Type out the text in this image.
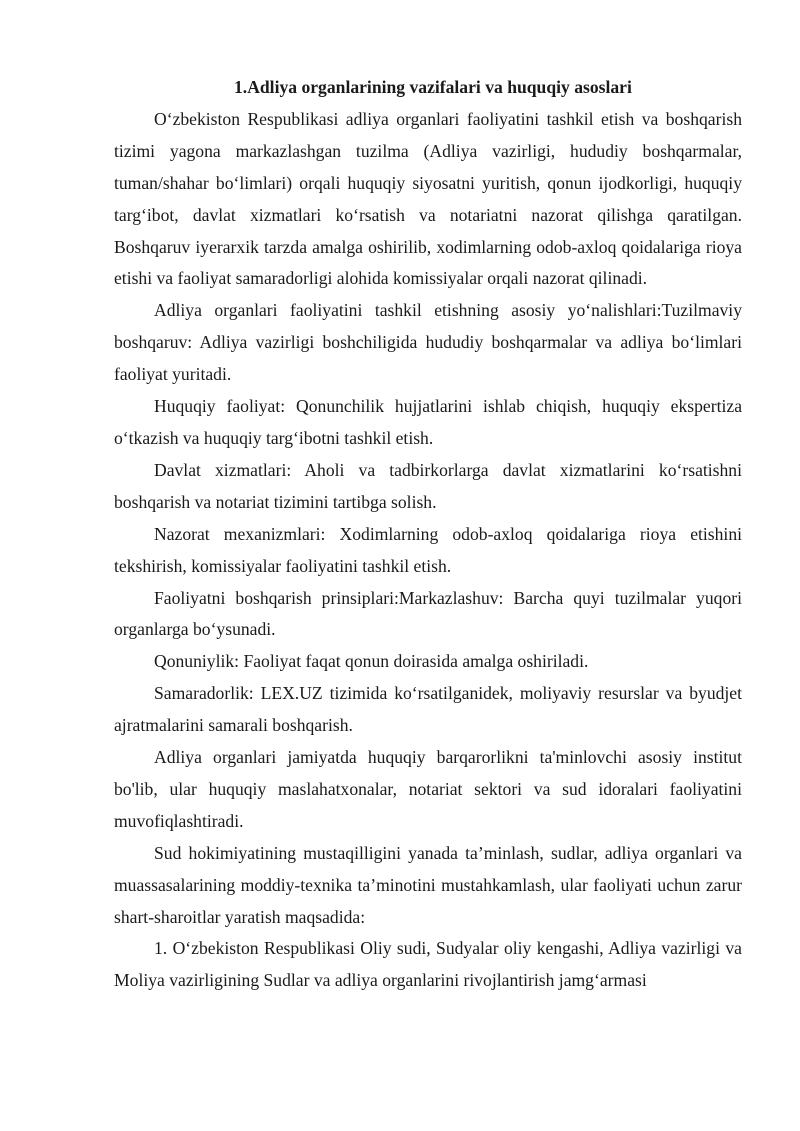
1.Adliya organlarining vazifalari va huquqiy asoslari

O‘zbekiston Respublikasi adliya organlari faoliyatini tashkil etish va boshqarish tizimi yagona markazlashgan tuzilma (Adliya vazirligi, hududiy boshqarmalar, tuman/shahar bo‘limlari) orqali huquqiy siyosatni yuritish, qonun ijodkorligi, huquqiy targ‘ibot, davlat xizmatlari ko‘rsatish va notariatni nazorat qilishga qaratilgan. Boshqaruv iyerarxik tarzda amalga oshirilib, xodimlarning odob-axloq qoidalariga rioya etishi va faoliyat samaradorligi alohida komissiyalar orqali nazorat qilinadi.

Adliya organlari faoliyatini tashkil etishning asosiy yo‘nalishlari:Tuzilmaviy boshqaruv: Adliya vazirligi boshchiligida hududiy boshqarmalar va adliya bo‘limlari faoliyat yuritadi.

Huquqiy faoliyat: Qonunchilik hujjatlarini ishlab chiqish, huquqiy ekspertiza o‘tkazish va huquqiy targ‘ibotni tashkil etish.

Davlat xizmatlari: Aholi va tadbirkorlarga davlat xizmatlarini ko‘rsatishni boshqarish va notariat tizimini tartibga solish.

Nazorat mexanizmlari: Xodimlarning odob-axloq qoidalariga rioya etishini tekshirish, komissiyalar faoliyatini tashkil etish.

Faoliyatni boshqarish prinsiplari:Markazlashuv: Barcha quyi tuzilmalar yuqori organlarga bo‘ysunadi.

Qonuniylik: Faoliyat faqat qonun doirasida amalga oshiriladi.

Samaradorlik: LEX.UZ tizimida ko‘rsatilganidek, moliyaviy resurslar va byudjet ajratmalarini samarali boshqarish.

Adliya organlari jamiyatda huquqiy barqarorlikni ta'minlovchi asosiy institut bo'lib, ular huquqiy maslahatxonalar, notariat sektori va sud idoralari faoliyatini muvofiqlashtiradi.

Sud hokimiyatining mustaqilligini yanada ta’minlash, sudlar, adliya organlari va muassasalarining moddiy-texnika ta’minotini mustahkamlash, ular faoliyati uchun zarur shart-sharoitlar yaratish maqsadida:

1. O‘zbekiston Respublikasi Oliy sudi, Sudyalar oliy kengashi, Adliya vazirligi va Moliya vazirligining Sudlar va adliya organlarini rivojlantirish jamg‘armasi
